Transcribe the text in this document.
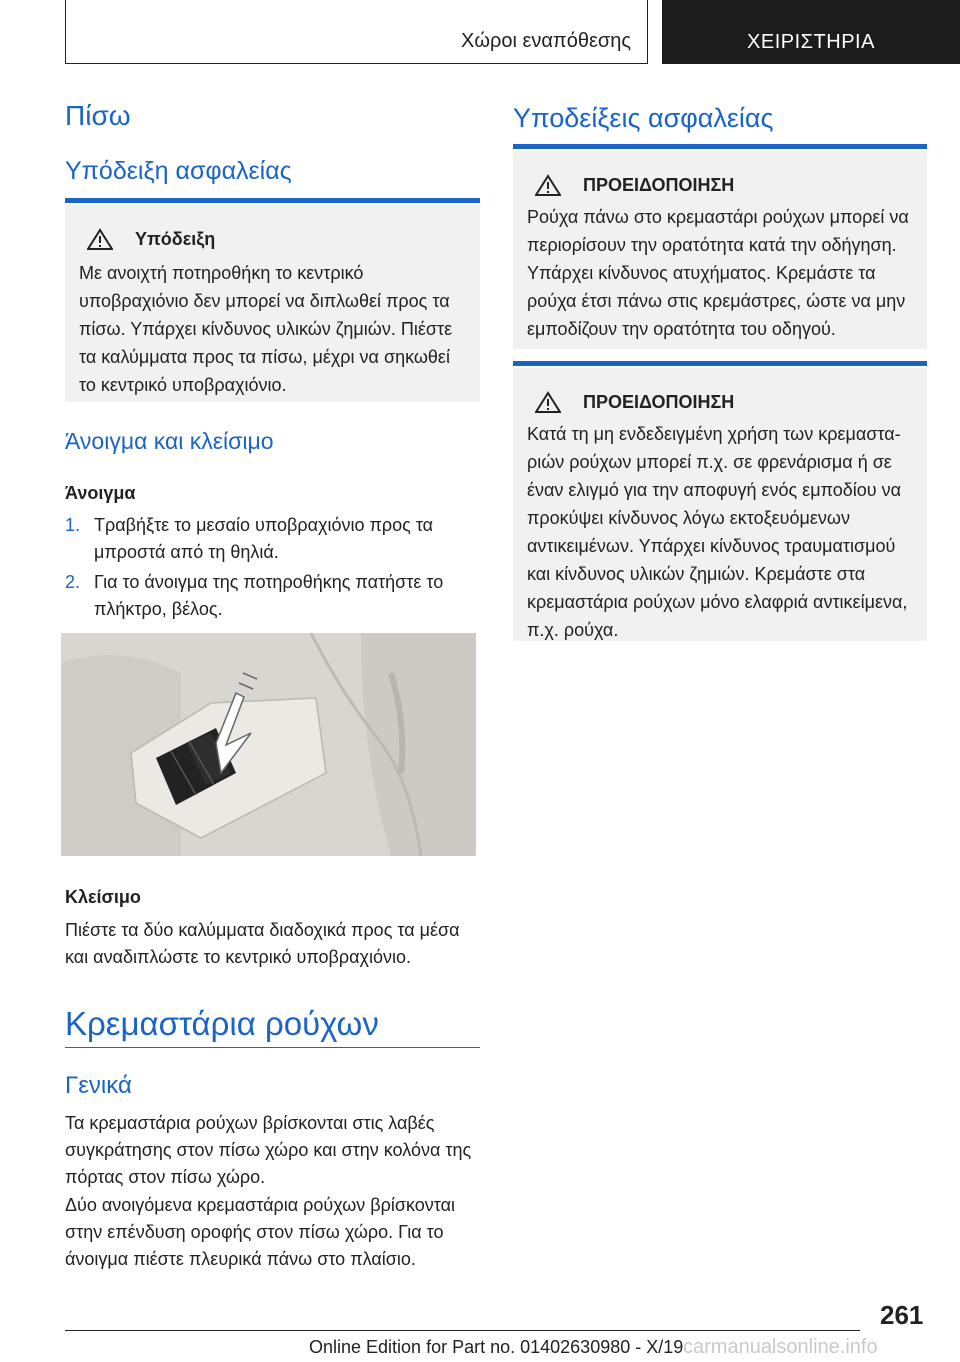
Χώροι εναπόθεσης	ΧΕΙΡΙΣΤΗΡΙΑ
Πίσω
Υπόδειξη ασφαλείας
Υπόδειξη
Με ανοιχτή ποτηροθήκη το κεντρικό υποβραχιόνιο δεν μπορεί να διπλωθεί προς τα πίσω. Υπάρχει κίνδυνος υλικών ζημιών. Πιέστε τα καλύμματα προς τα πίσω, μέχρι να σηκωθεί το κεντρικό υποβραχιόνιο.
Άνοιγμα και κλείσιμο
Άνοιγμα
1. Τραβήξτε το μεσαίο υποβραχιόνιο προς τα μπροστά από τη θηλιά.
2. Για το άνοιγμα της ποτηροθήκης πατήστε το πλήκτρο, βέλος.
Κλείσιμο

Πιέστε τα δύο καλύμματα διαδοχικά προς τα μέσα και αναδιπλώστε το κεντρικό υποβραχιόνιο.

Κρεμαστάρια ρούχων
Γενικά

Τα κρεμαστάρια ρούχων βρίσκονται στις λαβές συγκράτησης στον πίσω χώρο και στην κολόνα της πόρτας στον πίσω χώρο.

Δύο ανοιγόμενα κρεμαστάρια ρούχων βρίσκονται στην επένδυση οροφής στον πίσω χώρο. Για το άνοιγμα πιέστε πλευρικά πάνω στο πλαίσιο.

Υποδείξεις ασφαλείας
ΠΡΟΕΙΔΟΠΟΙΗΣΗ
Ρούχα πάνω στο κρεμαστάρι ρούχων μπορεί να περιορίσουν την ορατότητα κατά την οδήγηση. Υπάρχει κίνδυνος ατυχήματος. Κρεμάστε τα ρούχα έτσι πάνω στις κρεμάστρες, ώστε να μην εμποδίζουν την ορατότητα του οδηγού.
ΠΡΟΕΙΔΟΠΟΙΗΣΗ
Κατά τη μη ενδεδειγμένη χρήση των κρεμαστα- ριών ρούχων μπορεί π.χ. σε φρενάρισμα ή σε έναν ελιγμό για την αποφυγή ενός εμποδίου να προκύψει κίνδυνος λόγω εκτοξευόμενων αντικειμένων. Υπάρχει κίνδυνος τραυματισμού και κίνδυνος υλικών ζημιών. Κρεμάστε στα κρεμαστάρια ρούχων μόνο ελαφριά αντικείμενα, π.χ. ρούχα.
261
Online Edition for Part no. 01402630980 - X/19 carmanualsonline.info
